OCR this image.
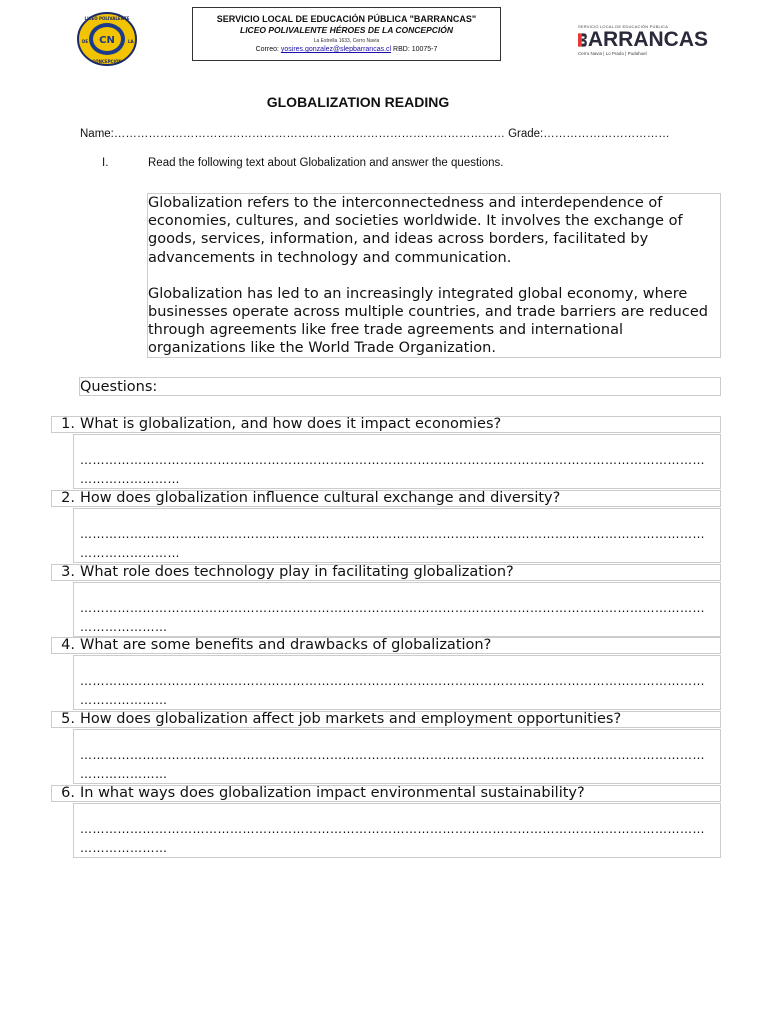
CN
LICEO POLIVALENTE
CONCEPCIÓN
DE	LA
SERVICIO LOCAL DE EDUCACIÓN PÚBLICA "BARRANCAS"
LICEO POLIVALENTE HÉROES DE LA CONCEPCIÓN
La Estrella 1633, Cerro Navia
Correo: yosires.gonzalez@slepbarrancas.cl RBD: 10075-7
SERVICIO LOCAL DE EDUCACIÓN PÚBLICA
ARRANCAS
Cerro Navia | Lo Prado | Pudahuel
GLOBALIZATION READING
Name:………………………………………………………………………………………… Grade:……………………………
I.	Read the following text about Globalization and answer the questions.

Globalization refers to the interconnectedness and interdependence of economies, cultures, and societies worldwide. It involves the exchange of goods, services, information, and ideas across borders, facilitated by advancements in technology and communication.

Globalization has led to an increasingly integrated global economy, where businesses operate across multiple countries, and trade barriers are reduced through agreements like free trade agreements and international organizations like the World Trade Organization.

Questions:
1. What is globalization, and how does it impact economies?
……………………………………………………………………………………………………………………………………
……………………
2. How does globalization influence cultural exchange and diversity?
……………………………………………………………………………………………………………………………………
……………………
3. What role does technology play in facilitating globalization?
……………………………………………………………………………………………………………………………………
…………………
4. What are some benefits and drawbacks of globalization?
……………………………………………………………………………………………………………………………………
…………………
5. How does globalization affect job markets and employment opportunities?
……………………………………………………………………………………………………………………………………
…………………
6. In what ways does globalization impact environmental sustainability?
……………………………………………………………………………………………………………………………………
…………………
